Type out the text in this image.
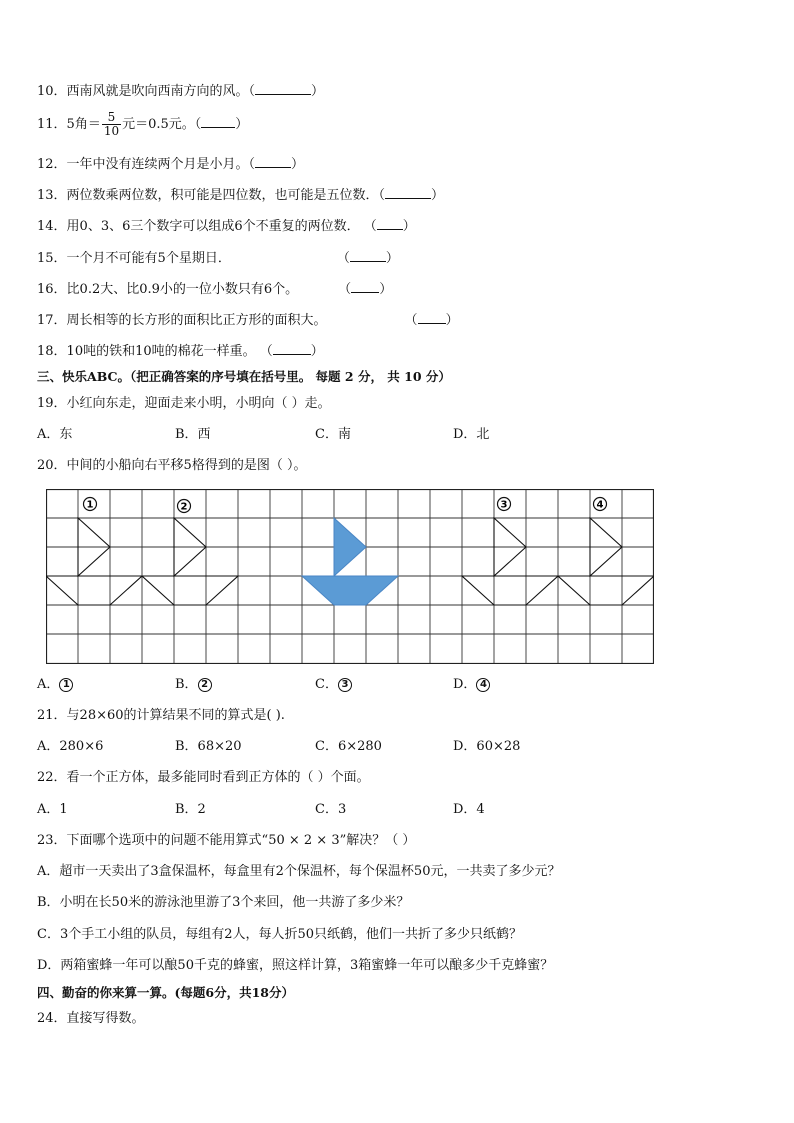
10．西南风就是吹向西南方向的风。（	）
11．5角＝ $\frac{5}{10}$ 元＝0.5元。（	）
12．一年中没有连续两个月是小月。（	）
13．两位数乘两位数，积可能是四位数，也可能是五位数．（	）
14．用0、3、6三个数字可以组成6个不重复的两位数． （ ）
15．一个月不可能有5个星期日．	（	）
16．比0.2大、比0.9小的一位小数只有6个。	（ ）
17．周长相等的长方形的面积比正方形的面积大。	（ ）
18．10吨的铁和10吨的棉花一样重。 （	）
三、快乐ABC。（把正确答案的序号填在括号里。 每题 2 分， 共 10 分）
19．小红向东走，迎面走来小明，小明向（ ）走。
A．东	B．西	C．南	D．北
20．中间的小船向右平移5格得到的是图（ ）。
1	2	3	4
A． 1	B． 2	C． 3	D． 4
21．与28×60的计算结果不同的算式是( ).
A．280×6	B．68×20	C．6×280	D．60×28
22．看一个正方体，最多能同时看到正方体的（ ）个面。
A．1	B．2	C．3	D．4
23．下面哪个选项中的问题不能用算式“50 × 2 × 3”解决？（ ）
A．超市一天卖出了3盒保温杯，每盒里有2个保温杯，每个保温杯50元，一共卖了多少元？
B．小明在长50米的游泳池里游了3个来回，他一共游了多少米？
C．3个手工小组的队员，每组有2人，每人折50只纸鹤，他们一共折了多少只纸鹤？
D．两箱蜜蜂一年可以酿50千克的蜂蜜，照这样计算，3箱蜜蜂一年可以酿多少千克蜂蜜？
四、勤奋的你来算一算。(每题6分，共18分）
24．直接写得数。
